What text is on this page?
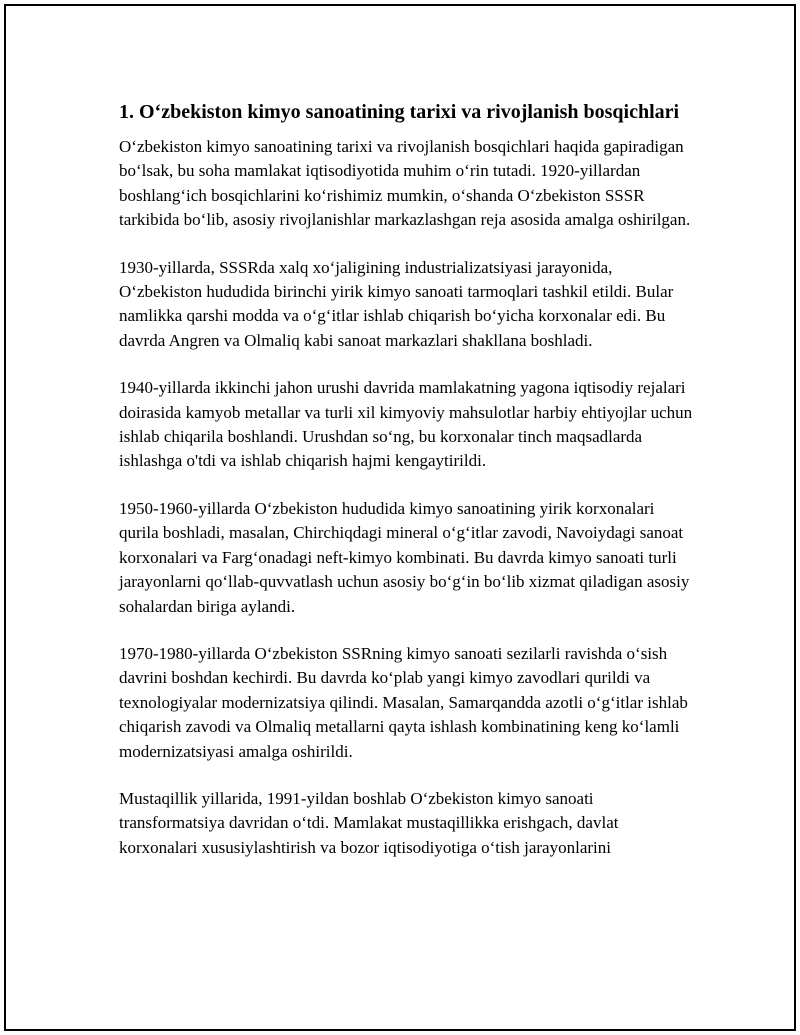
1. O‘zbekiston kimyo sanoatining tarixi va rivojlanish bosqichlari

O‘zbekiston kimyo sanoatining tarixi va rivojlanish bosqichlari haqida gapiradigan bo‘lsak, bu soha mamlakat iqtisodiyotida muhim o‘rin tutadi. 1920-yillardan boshlang‘ich bosqichlarini ko‘rishimiz mumkin, o‘shanda O‘zbekiston SSSR tarkibida bo‘lib, asosiy rivojlanishlar markazlashgan reja asosida amalga oshirilgan.

1930-yillarda, SSSRda xalq xo‘jaligining industrializatsiyasi jarayonida, O‘zbekiston hududida birinchi yirik kimyo sanoati tarmoqlari tashkil etildi. Bular namlikka qarshi modda va o‘g‘itlar ishlab chiqarish bo‘yicha korxonalar edi. Bu davrda Angren va Olmaliq kabi sanoat markazlari shakllana boshladi.

1940-yillarda ikkinchi jahon urushi davrida mamlakatning yagona iqtisodiy rejalari doirasida kamyob metallar va turli xil kimyoviy mahsulotlar harbiy ehtiyojlar uchun ishlab chiqarila boshlandi. Urushdan so‘ng, bu korxonalar tinch maqsadlarda ishlashga o'tdi va ishlab chiqarish hajmi kengaytirildi.

1950-1960-yillarda O‘zbekiston hududida kimyo sanoatining yirik korxonalari qurila boshladi, masalan, Chirchiqdagi mineral o‘g‘itlar zavodi, Navoiydagi sanoat korxonalari va Farg‘onadagi neft-kimyo kombinati. Bu davrda kimyo sanoati turli jarayonlarni qo‘llab-quvvatlash uchun asosiy bo‘g‘in bo‘lib xizmat qiladigan asosiy sohalardan biriga aylandi.

1970-1980-yillarda O‘zbekiston SSRning kimyo sanoati sezilarli ravishda o‘sish davrini boshdan kechirdi. Bu davrda ko‘plab yangi kimyo zavodlari qurildi va texnologiyalar modernizatsiya qilindi. Masalan, Samarqandda azotli o‘g‘itlar ishlab chiqarish zavodi va Olmaliq metallarni qayta ishlash kombinatining keng ko‘lamli modernizatsiyasi amalga oshirildi.

Mustaqillik yillarida, 1991-yildan boshlab O‘zbekiston kimyo sanoati transformatsiya davridan o‘tdi. Mamlakat mustaqillikka erishgach, davlat korxonalari xususiylashtirish va bozor iqtisodiyotiga o‘tish jarayonlarini
